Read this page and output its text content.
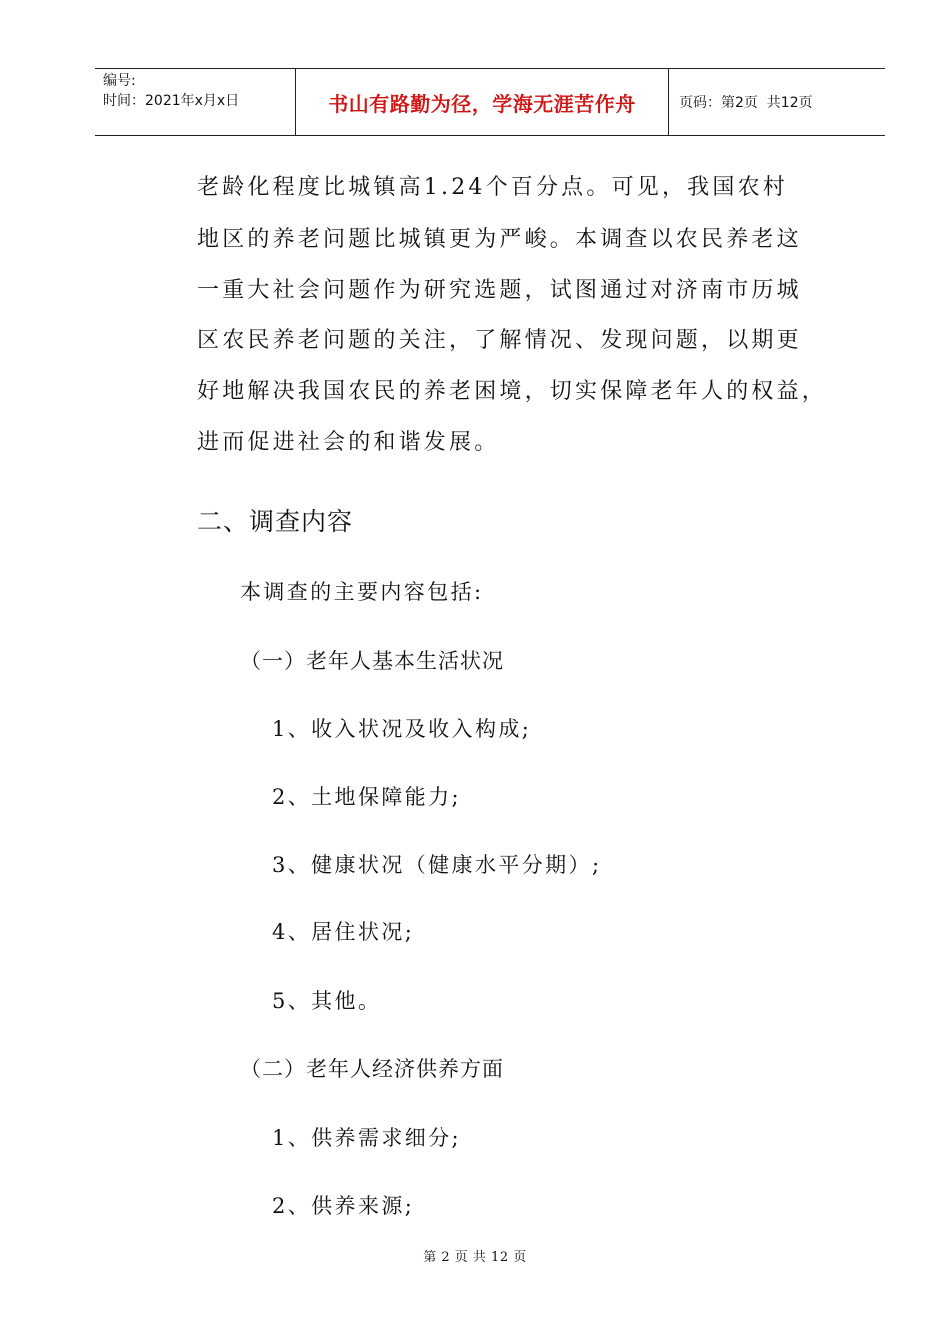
编号:
时间：2021年x月x日	书山有路勤为径，学海无涯苦作舟	页码：第2页  共12页
老龄化程度比城镇高1.24个百分点。可见，我国农村
地区的养老问题比城镇更为严峻。本调查以农民养老这
一重大社会问题作为研究选题，试图通过对济南市历城
区农民养老问题的关注，了解情况、发现问题，以期更
好地解决我国农民的养老困境，切实保障老年人的权益，
进而促进社会的和谐发展。
二、调查内容
本调查的主要内容包括:
（一）老年人基本生活状况
1、收入状况及收入构成;
2、土地保障能力;
3、健康状况（健康水平分期）;
4、居住状况;
5、其他。
（二）老年人经济供养方面
1、供养需求细分;
2、供养来源;
第 2 页 共 12 页
